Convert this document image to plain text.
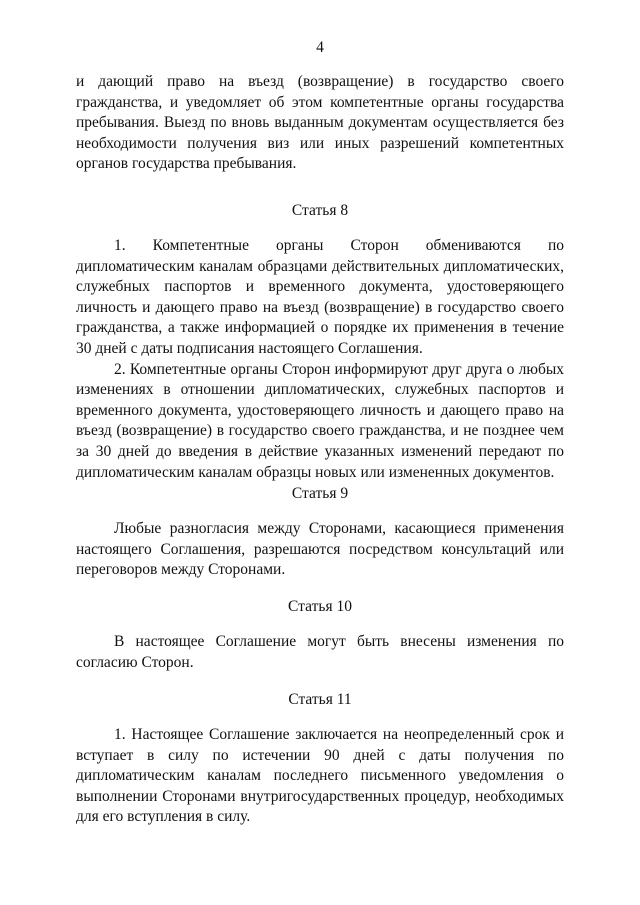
4

и дающий право на въезд (возвращение) в государство своего гражданства, и уведомляет об этом компетентные органы государства пребывания. Выезд по вновь выданным документам осуществляется без необходимости получения виз или иных разрешений компетентных органов государства пребывания.

Статья 8

1. Компетентные органы Сторон обмениваются по дипломатическим каналам образцами действительных дипломатических, служебных паспортов и временного документа, удостоверяющего личность и дающего право на въезд (возвращение) в государство своего гражданства, а также информацией о порядке их применения в течение 30 дней с даты подписания настоящего Соглашения.

2. Компетентные органы Сторон информируют друг друга о любых изменениях в отношении дипломатических, служебных паспортов и временного документа, удостоверяющего личность и дающего право на въезд (возвращение) в государство своего гражданства, и не позднее чем за 30 дней до введения в действие указанных изменений передают по дипломатическим каналам образцы новых или измененных документов.

Статья 9

Любые разногласия между Сторонами, касающиеся применения настоящего Соглашения, разрешаются посредством консультаций или переговоров между Сторонами.

Статья 10

В настоящее Соглашение могут быть внесены изменения по согласию Сторон.

Статья 11

1. Настоящее Соглашение заключается на неопределенный срок и вступает в силу по истечении 90 дней с даты получения по дипломатическим каналам последнего письменного уведомления о выполнении Сторонами внутригосударственных процедур, необходимых для его вступления в силу.
